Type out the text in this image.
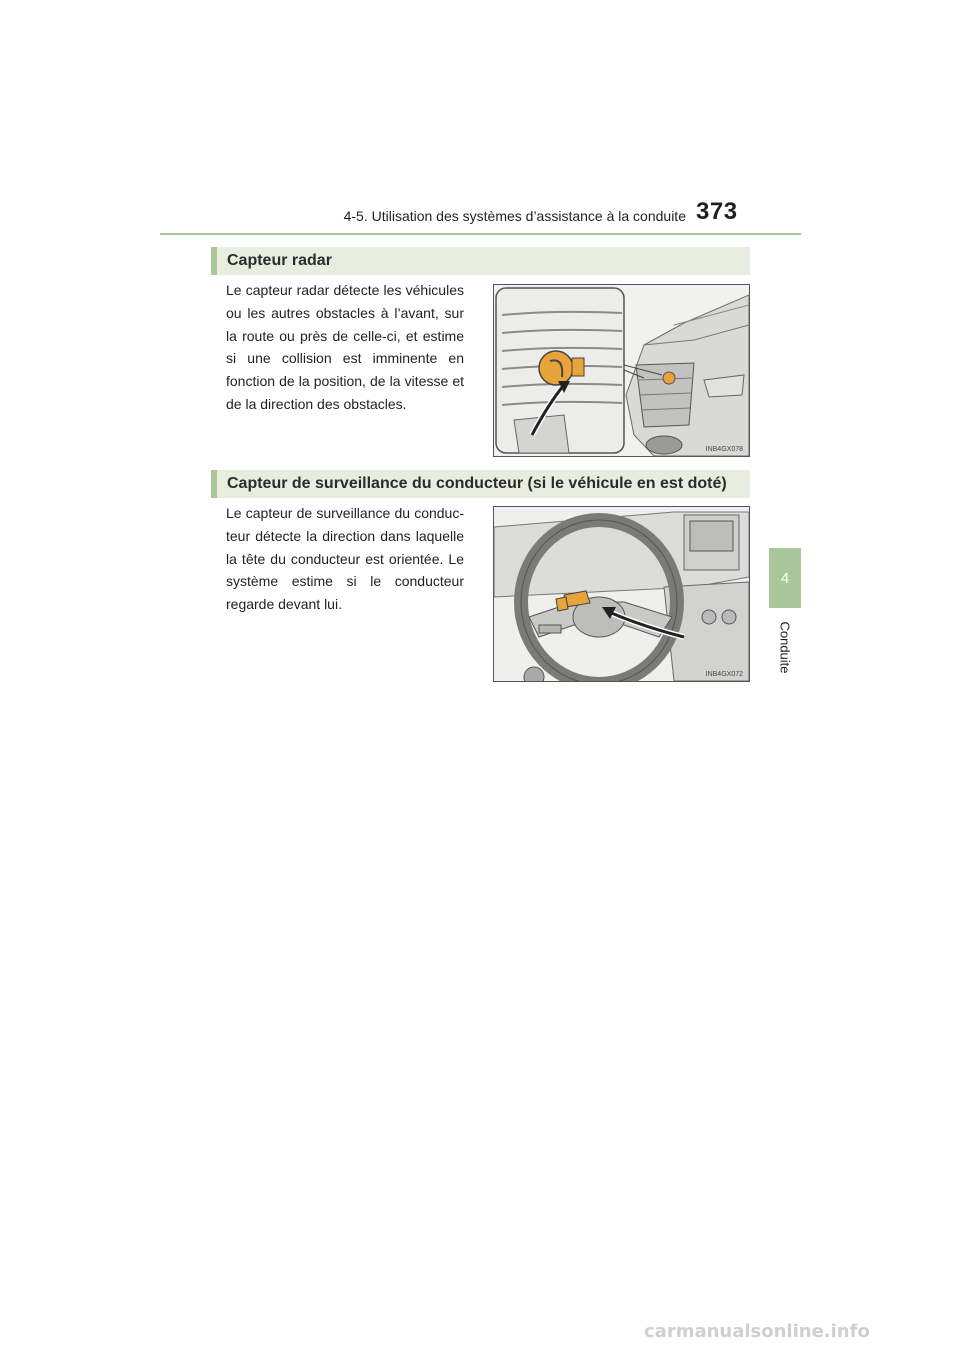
4-5. Utilisation des systèmes d’assistance à la conduite 373
4
Conduite
Capteur radar
Le capteur radar détecte les véhicules ou les autres obstacles à l’avant, sur la route ou près de celle-ci, et estime si une collision est imminente en fonction de la position, de la vitesse et de la direction des obstacles.
INB4GX078
Capteur de surveillance du conducteur (si le véhicule en est doté)
Le capteur de surveillance du conduc-teur détecte la direction dans laquelle la tête du conducteur est orientée. Le système estime si le conducteur regarde devant lui.
INB4GX072
carmanualsonline.info
